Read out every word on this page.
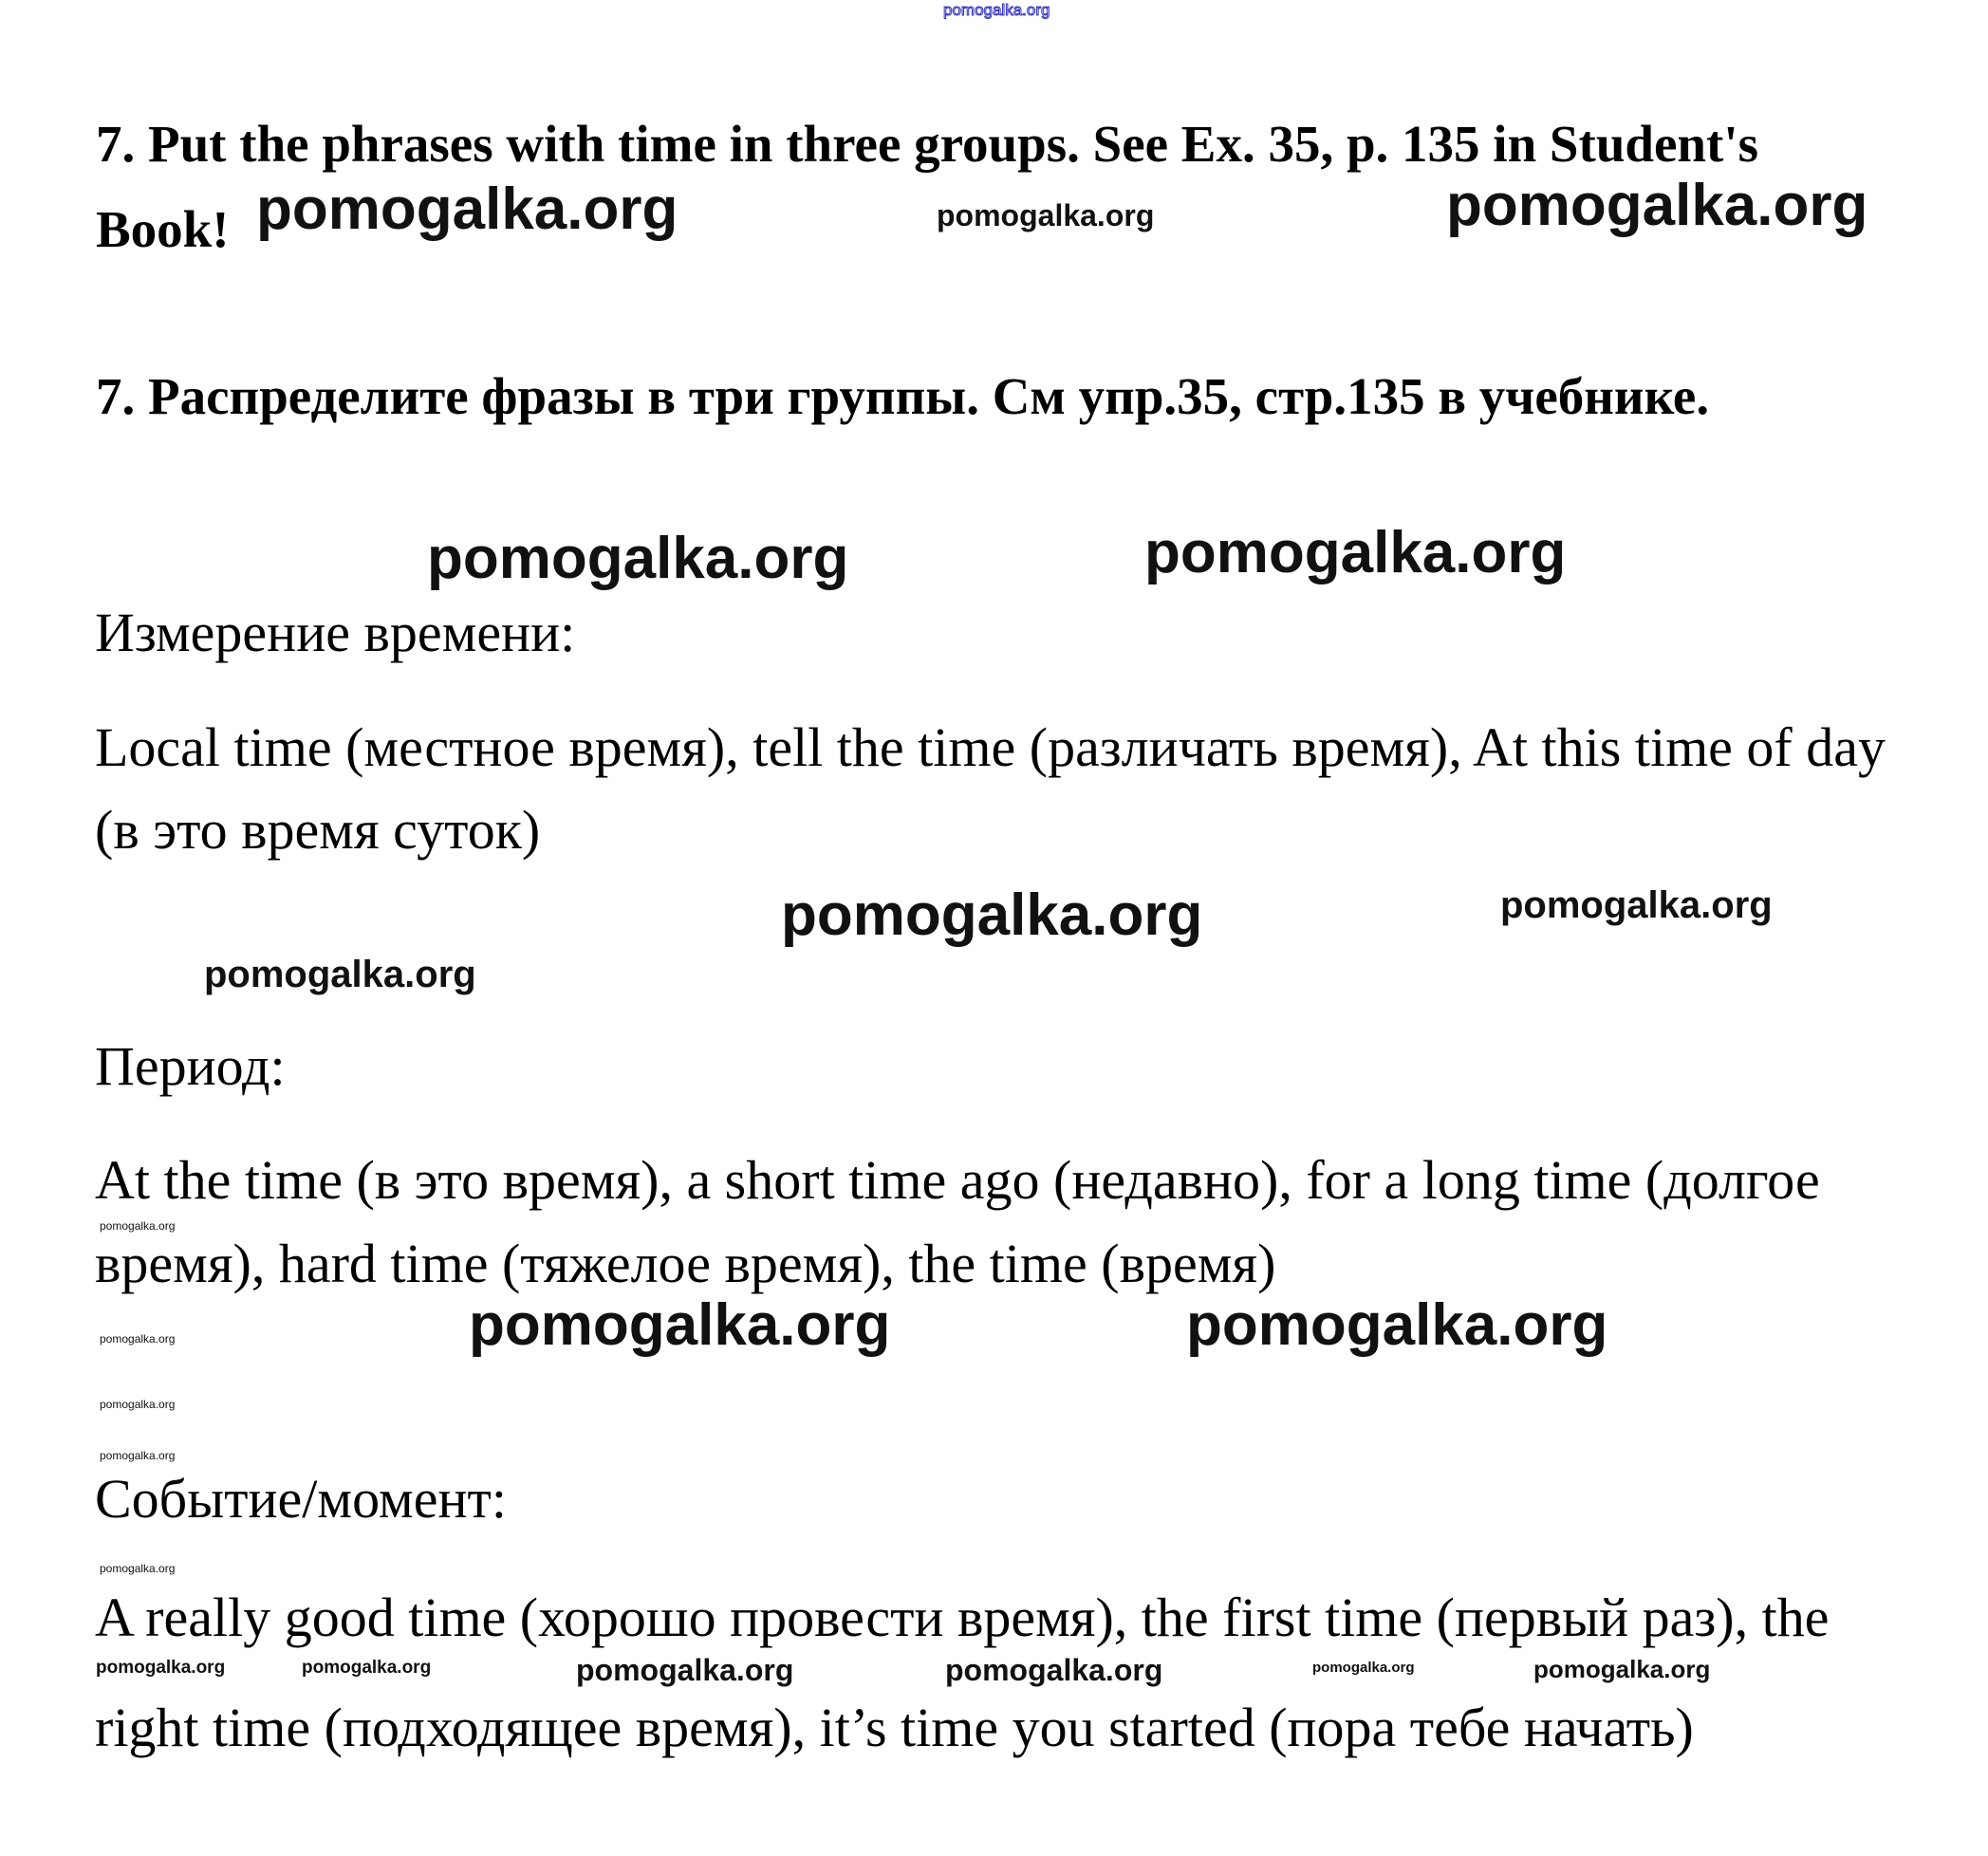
pomogalka.org
7. Put the phrases with time in three groups. See Ex. 35, p. 135 in Student's
Book! pomogalka.org	pomogalka.org	pomogalka.org
7. Распределите фразы в три группы. См упр.35, стр.135 в учебнике.
pomogalka.org	pomogalka.org
Измерение времени:
Local time (местное время), tell the time (различать время), At this time of day
(в это время суток)
pomogalka.org	pomogalka.org
pomogalka.org
Период:
At the time (в это время), a short time ago (недавно), for a long time (долгое
время), hard time (тяжелое время), the time (время)
pomogalka.org
pomogalka.org
pomogalka.org
pomogalka.org
pomogalka.org
pomogalka.org	pomogalka.org
Событие/момент:
A really good time (хорошо провести время), the first time (первый раз), the
right time (подходящее время), it’s time you started (пора тебе начать)
pomogalka.org	pomogalka.org	pomogalka.org	pomogalka.org	pomogalka.org	pomogalka.org
